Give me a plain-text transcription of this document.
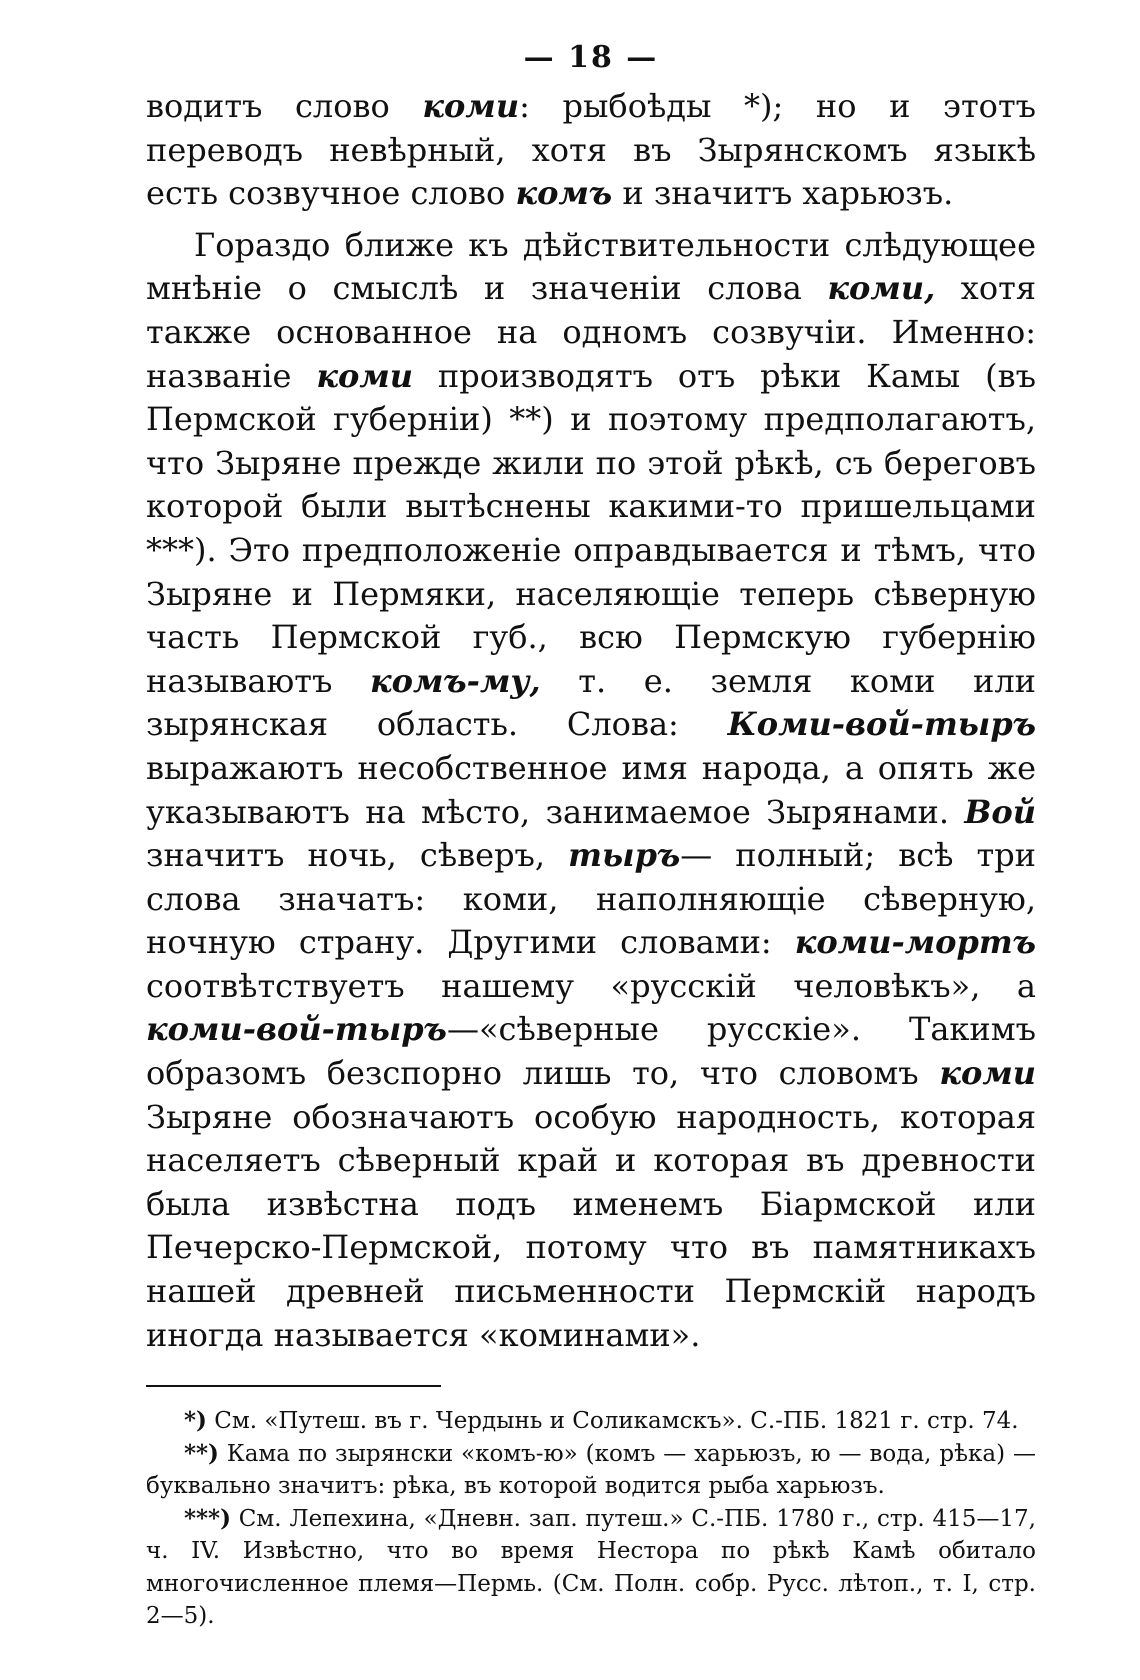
— 18 —

водитъ слово коми: рыбоѣды *); но и этотъ переводъ невѣрный, хотя въ Зырянскомъ языкѣ есть созвучное слово комъ и значитъ харьюзъ.

Гораздо ближе къ дѣйствительности слѣдующее мнѣніе о смыслѣ и значеніи слова коми, хотя также основанное на одномъ созвучіи. Именно: названіе коми производятъ отъ рѣки Камы (въ Пермской губерніи) **) и поэтому предполагаютъ, что Зыряне прежде жили по этой рѣкѣ, съ береговъ которой были вытѣснены какими-то пришельцами ***). Это предположеніе оправдывается и тѣмъ, что Зыряне и Пермяки, населяющіе теперь сѣверную часть Пермской губ., всю Пермскую губернію называютъ комъ-му, т. е. земля коми или зырянская область. Слова: Коми-вой-тыръ выражаютъ несобственное имя народа, а опять же указываютъ на мѣсто, занимаемое Зырянами. Вой значитъ ночь, сѣверъ, тыръ— полный; всѣ три слова значатъ: коми, наполняющіе сѣверную, ночную страну. Другими словами: коми-мортъ соотвѣтствуетъ нашему «русскій человѣкъ», а коми-вой-тыръ—«сѣверные русскіе». Такимъ образомъ безспорно лишь то, что словомъ коми Зыряне обозначаютъ особую народность, которая населяетъ сѣверный край и которая въ древности была извѣстна подъ именемъ Біармской или Печерско-Пермской, потому что въ памятникахъ нашей древней письменности Пермскій народъ иногда называется «коминами».

*) См. «Путеш. въ г. Чердынь и Соликамскъ». С.-ПБ. 1821 г. стр. 74.

**) Кама по зырянски «комъ-ю» (комъ — харьюзъ, ю — вода, рѣка) — буквально значитъ: рѣка, въ которой водится рыба харьюзъ.

***) См. Лепехина, «Дневн. зап. путеш.» С.-ПБ. 1780 г., стр. 415—17, ч. IV. Извѣстно, что во время Нестора по рѣкѣ Камѣ обитало многочисленное племя—Пермь. (См. Полн. собр. Русс. лѣтоп., т. I, стр. 2—5).
